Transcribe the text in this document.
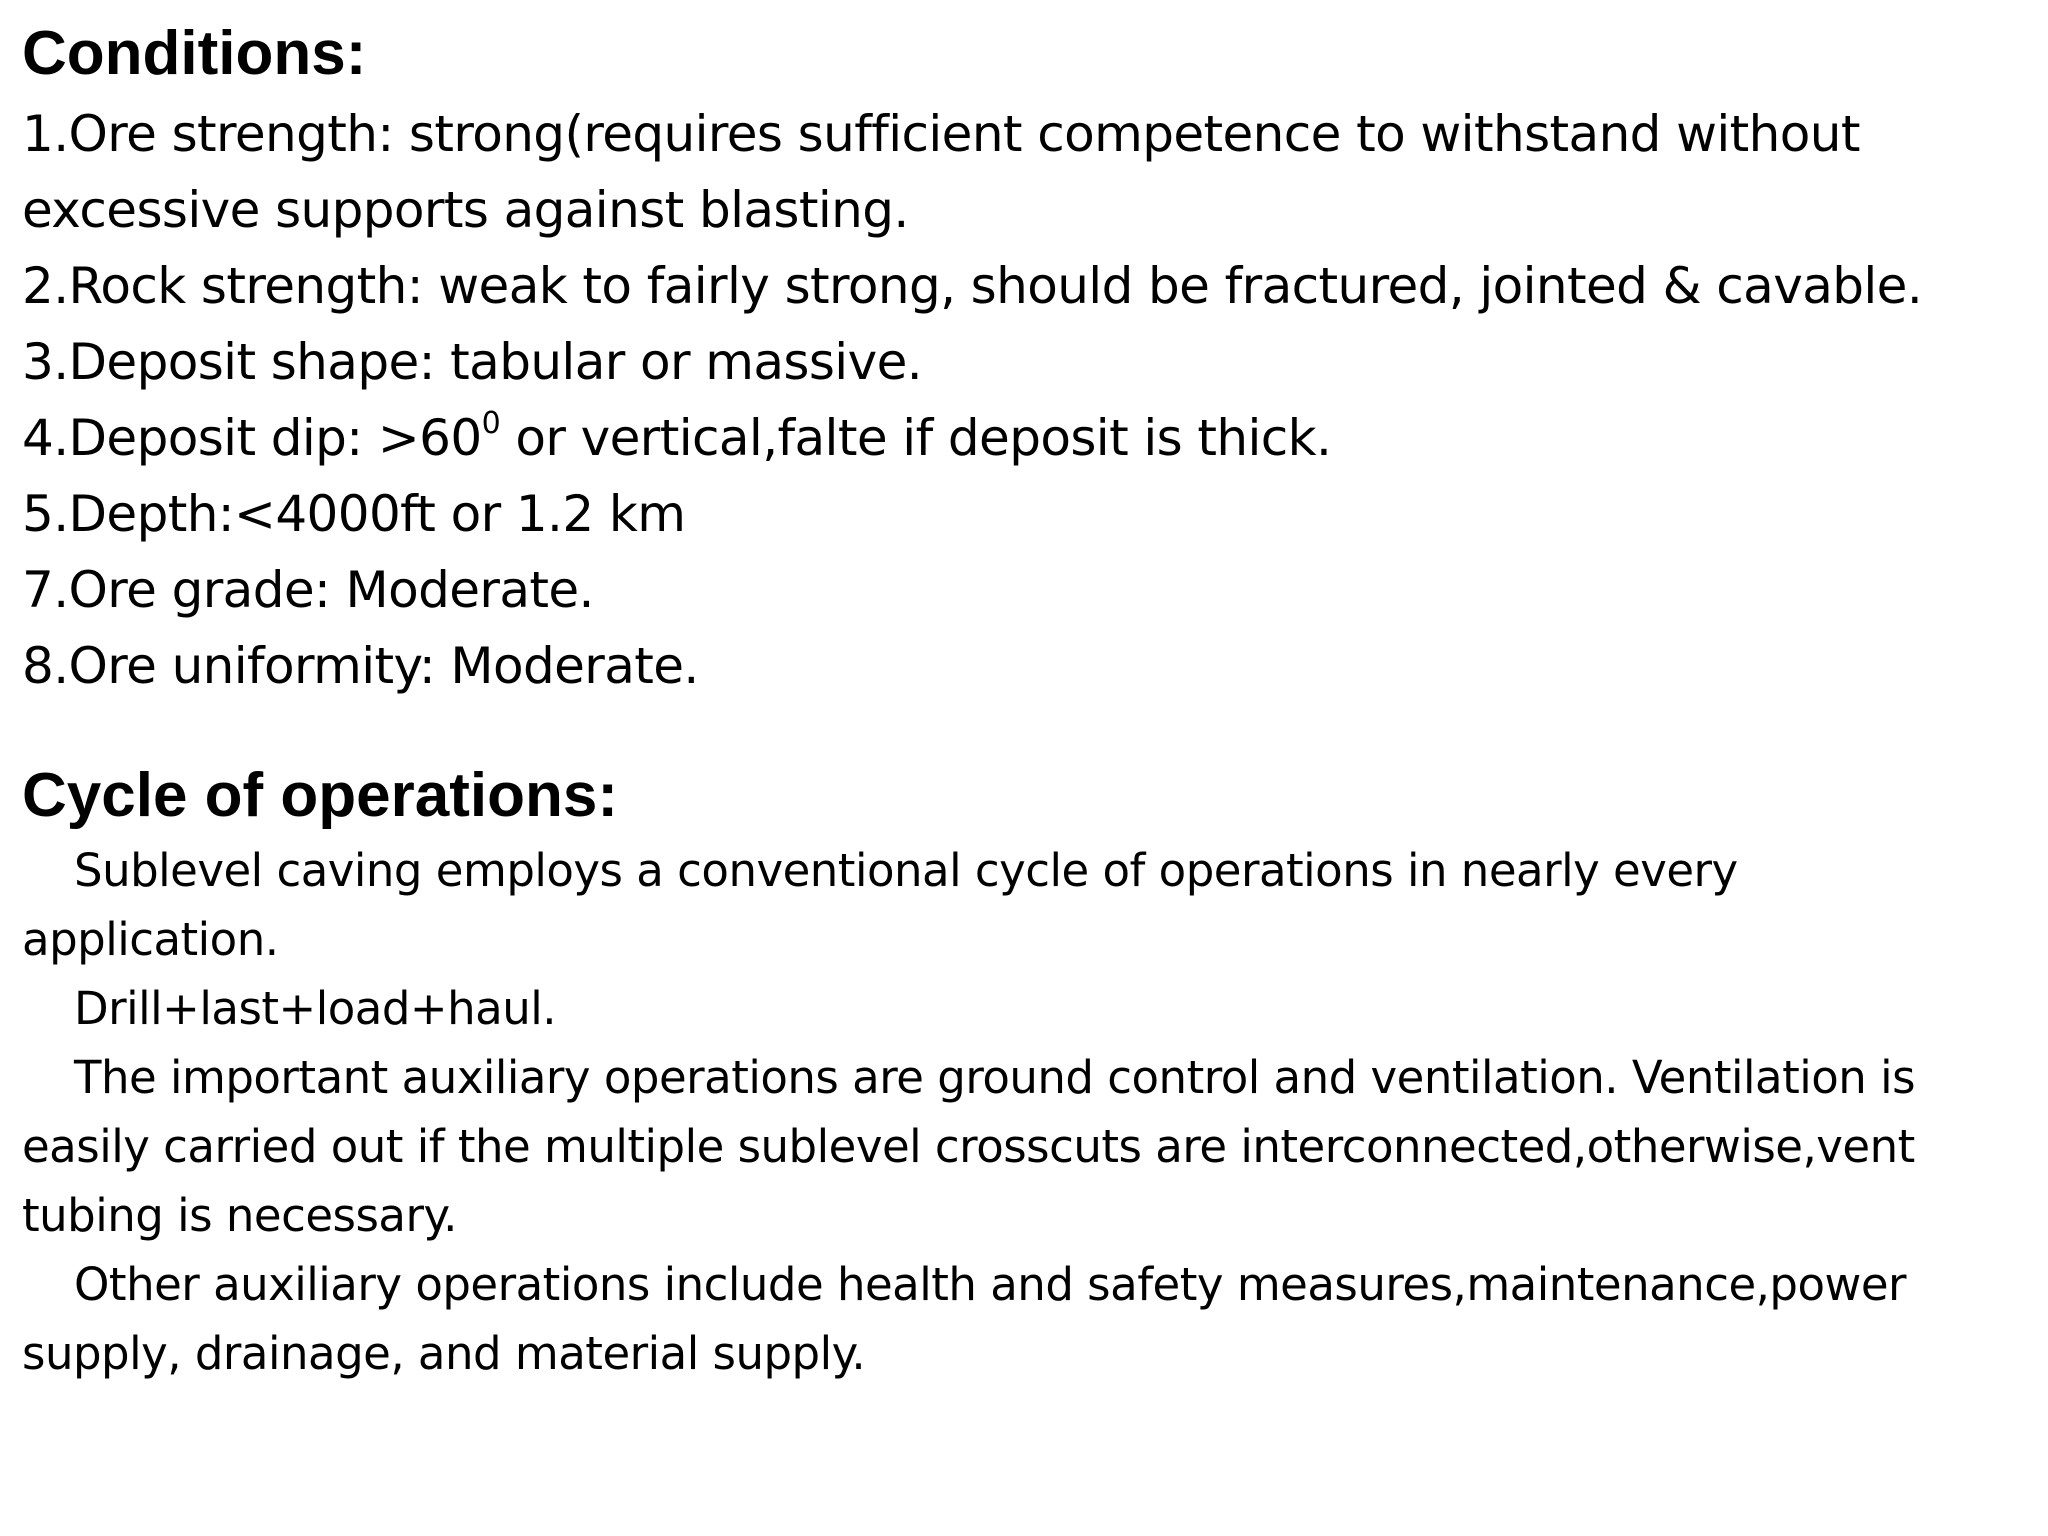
Conditions:
1.Ore strength: strong(requires sufficient competence to withstand without
excessive supports against blasting.
2.Rock strength: weak to fairly strong, should be fractured, jointed & cavable.
3.Deposit shape: tabular or massive.
4.Deposit dip: $>60^0$ or vertical,falte if deposit is thick.
5.Depth:<4000ft or 1.2 km
7.Ore grade: Moderate.
8.Ore uniformity: Moderate.
Cycle of operations:

Sublevel caving employs a conventional cycle of operations in nearly every

application.

Drill+last+load+haul.

The important auxiliary operations are ground control and ventilation. Ventilation is

easily carried out if the multiple sublevel crosscuts are interconnected,otherwise,vent

tubing is necessary.

Other auxiliary operations include health and safety measures,maintenance,power

supply, drainage, and material supply.
